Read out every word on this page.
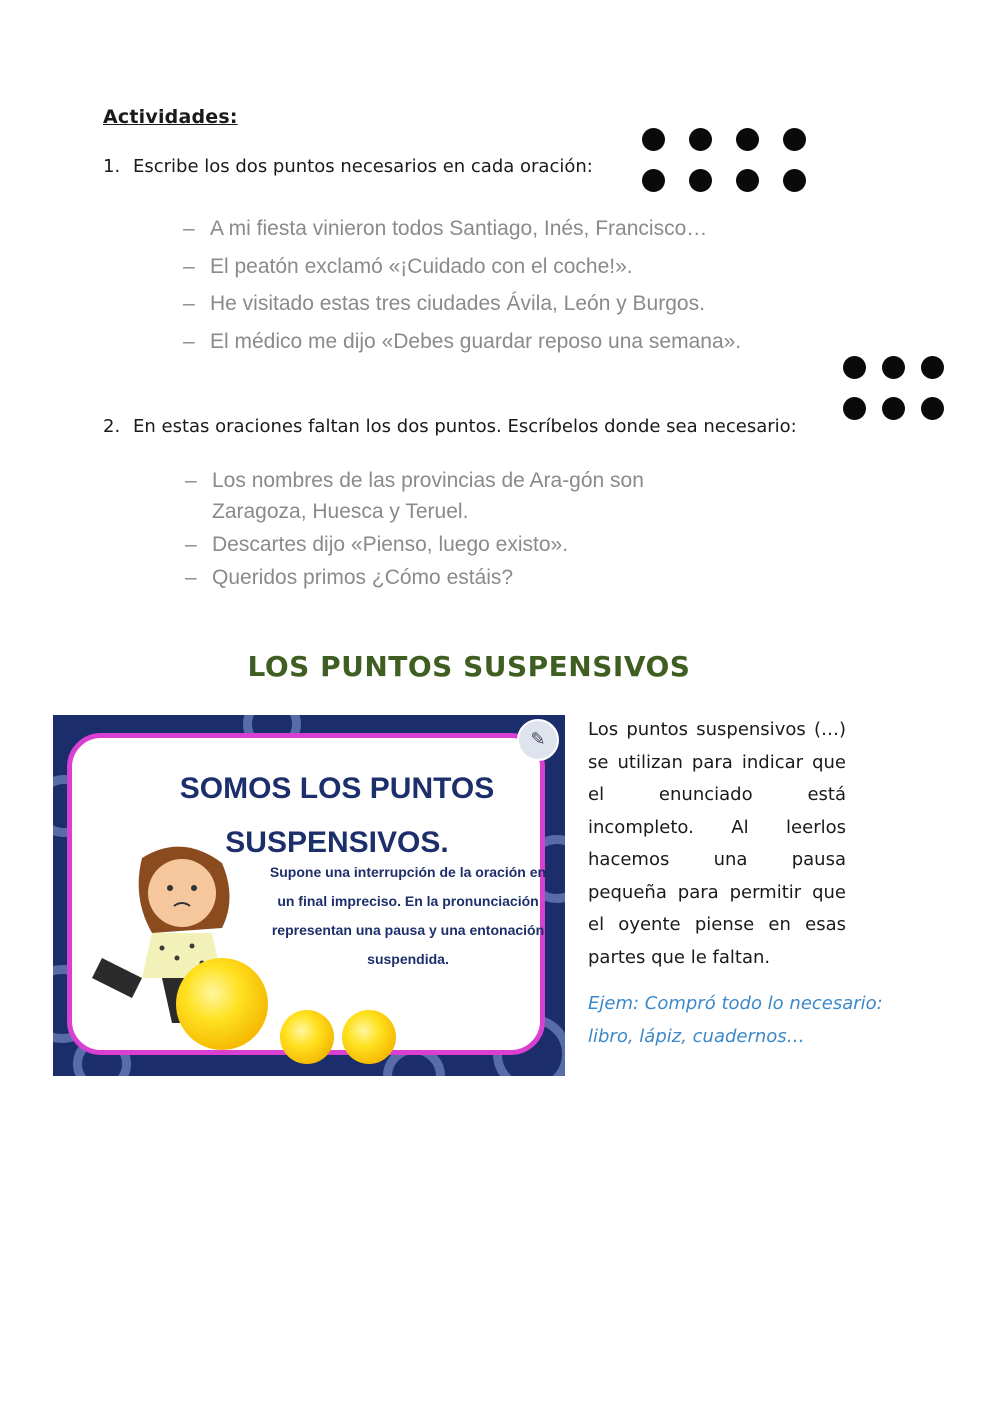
Actividades:
1. Escribe los dos puntos necesarios en cada oración:
– A mi fiesta vinieron todos Santiago, Inés, Francisco…
– El peatón exclamó «¡Cuidado con el coche!».
– He visitado estas tres ciudades Ávila, León y Burgos.
– El médico me dijo «Debes guardar reposo una semana».
2. En estas oraciones faltan los dos puntos. Escríbelos donde sea necesario:
– Los nombres de las provincias de Ara-gón son Zaragoza, Huesca y Teruel.
– Descartes dijo «Pienso, luego existo».
– Queridos primos ¿Cómo estáis?
LOS PUNTOS SUSPENSIVOS
SOMOS LOS PUNTOS
SUSPENSIVOS.
Supone una interrupción de la oración en un final impreciso. En la pronunciación representan una pausa y una entonación suspendida.
✎	Los puntos suspensivos (…) se utilizan para indicar que el enunciado está incompleto. Al leerlos hacemos una pausa pequeña para permitir que el oyente piense en esas partes que le faltan.
Ejem: Compró todo lo necesario: libro, lápiz, cuadernos…
